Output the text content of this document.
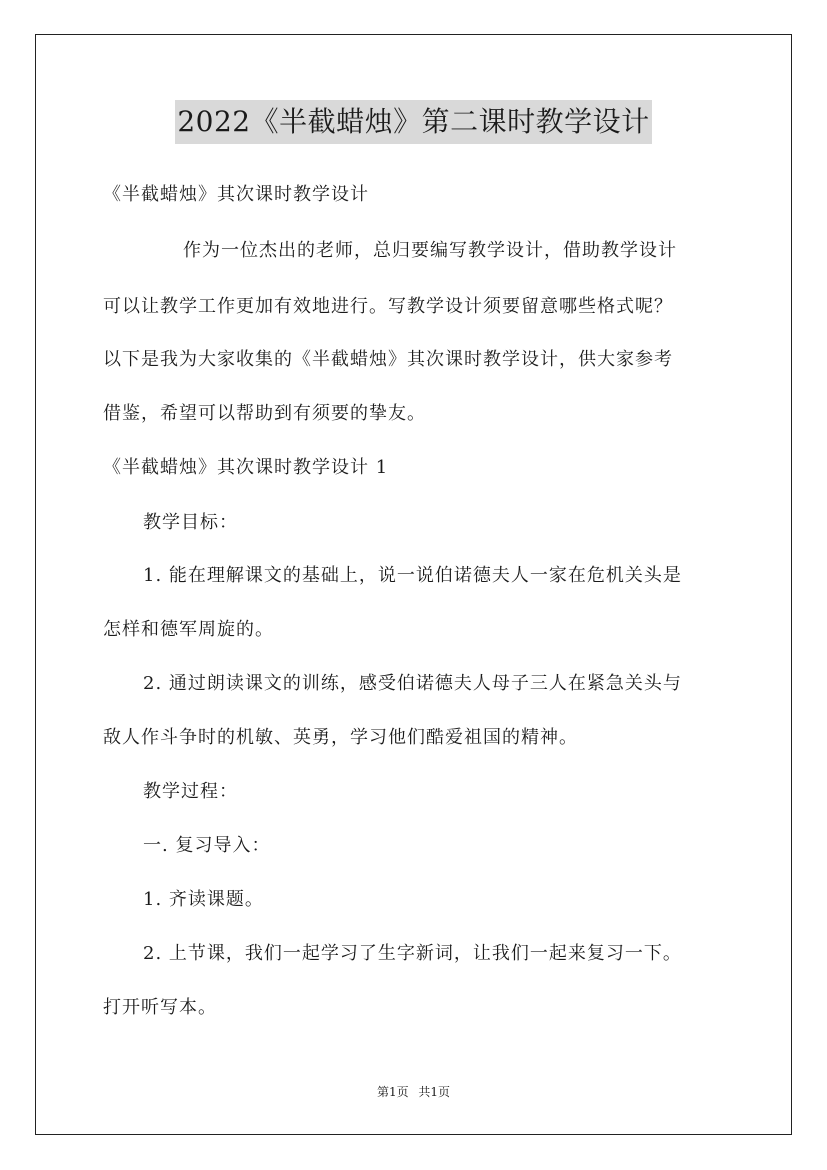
2022《半截蜡烛》第二课时教学设计
《半截蜡烛》其次课时教学设计
作为一位杰出的老师，总归要编写教学设计，借助教学设计
可以让教学工作更加有效地进行。写教学设计须要留意哪些格式呢？
以下是我为大家收集的《半截蜡烛》其次课时教学设计，供大家参考
借鉴，希望可以帮助到有须要的挚友。
《半截蜡烛》其次课时教学设计 1
教学目标：
1. 能在理解课文的基础上，说一说伯诺德夫人一家在危机关头是
怎样和德军周旋的。
2. 通过朗读课文的训练，感受伯诺德夫人母子三人在紧急关头与
敌人作斗争时的机敏、英勇，学习他们酷爱祖国的精神。
教学过程：
一. 复习导入：
1. 齐读课题。
2. 上节课，我们一起学习了生字新词，让我们一起来复习一下。
打开听写本。
第1页 共1页
